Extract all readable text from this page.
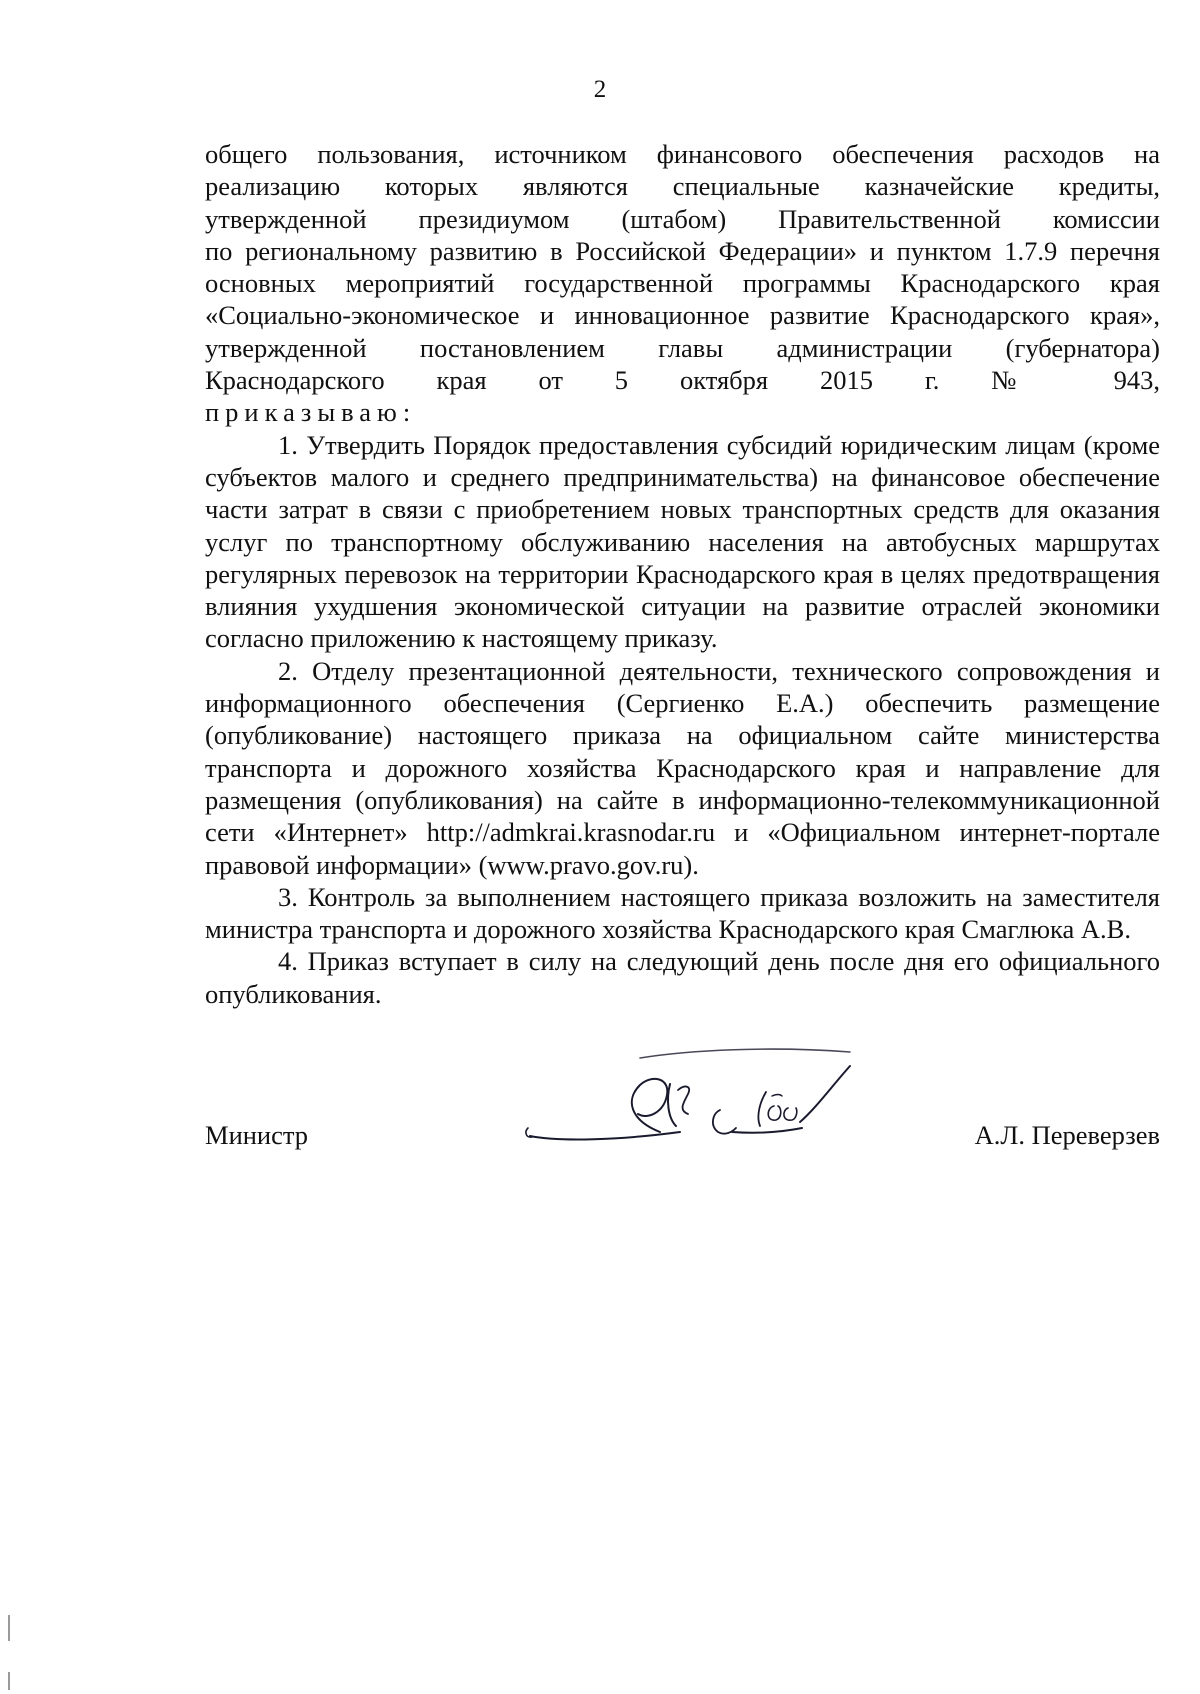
2

общего пользования, источником финансового обеспечения расходов на
реализацию которых являются специальные казначейские кредиты,
утвержденной президиумом (штабом) Правительственной комиссии
по региональному развитию в Российской Федерации» и пунктом 1.7.9 перечня
основных мероприятий государственной программы Краснодарского края
«Социально-экономическое и инновационное развитие Краснодарского края»,
утвержденной постановлением главы администрации (губернатора)
Краснодарского края от 5 октября 2015 г. № 943,
приказываю:

1. Утвердить Порядок предоставления субсидий юридическим лицам (кроме субъектов малого и среднего предпринимательства) на финансовое обеспечение части затрат в связи с приобретением новых транспортных средств для оказания услуг по транспортному обслуживанию населения на автобусных маршрутах регулярных перевозок на территории Краснодарского края в целях предотвращения влияния ухудшения экономической ситуации на развитие отраслей экономики согласно приложению к настоящему приказу.

2. Отделу презентационной деятельности, технического сопровождения и информационного обеспечения (Сергиенко Е.А.) обеспечить размещение (опубликование) настоящего приказа на официальном сайте министерства транспорта и дорожного хозяйства Краснодарского края и направление для размещения (опубликования) на сайте в информационно-телекоммуникационной сети «Интернет» http://admkrai.krasnodar.ru и «Официальном интернет-портале правовой информации» (www.pravo.gov.ru).

3. Контроль за выполнением настоящего приказа возложить на заместителя министра транспорта и дорожного хозяйства Краснодарского края Смаглюка А.В.

4. Приказ вступает в силу на следующий день после дня его официального опубликования.

Министр	А.Л. Переверзев
